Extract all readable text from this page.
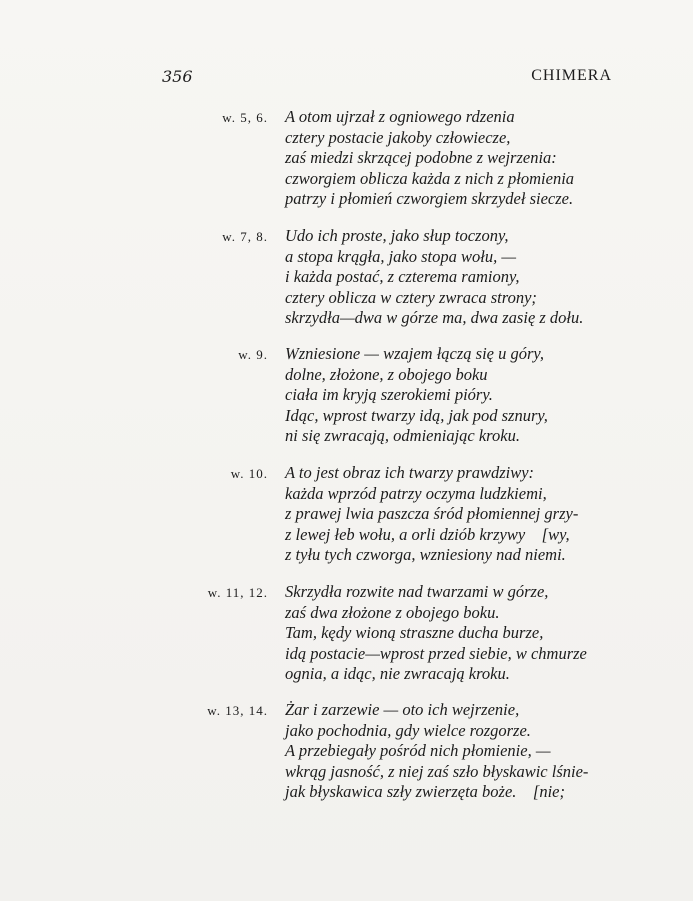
356	CHIMERA
w. 5, 6. A otom ujrzał z ogniowego rdzenia
cztery postacie jakoby człowiecze,
zaś miedzi skrzącej podobne z wejrzenia:
czworgiem oblicza każda z nich z płomienia
patrzy i płomień czworgiem skrzydeł siecze.
w. 7, 8. Udo ich proste, jako słup toczony,
a stopa krągła, jako stopa wołu, —
i każda postać, z czterema ramiony,
cztery oblicza w cztery zwraca strony;
skrzydła—dwa w górze ma, dwa zasię z dołu.
w. 9. Wzniesione — wzajem łączą się u góry,
dolne, złożone, z obojego boku
ciała im kryją szerokiemi pióry.
Idąc, wprost twarzy idą, jak pod sznury,
ni się zwracają, odmieniając kroku.
w. 10. A to jest obraz ich twarzy prawdziwy:
każda wprzód patrzy oczyma ludzkiemi,
z prawej lwia paszcza śród płomiennej grzy-
z lewej łeb wołu, a orli dziób krzywy    [wy,
z tyłu tych czworga, wzniesiony nad niemi.
w. 11, 12. Skrzydła rozwite nad twarzami w górze,
zaś dwa złożone z obojego boku.
Tam, kędy wioną straszne ducha burze,
idą postacie—wprost przed siebie, w chmurze
ognia, a idąc, nie zwracają kroku.
w. 13, 14. Żar i zarzewie — oto ich wejrzenie,
jako pochodnia, gdy wielce rozgorze.
A przebiegały pośród nich płomienie, —
wkrąg jasność, z niej zaś szło błyskawic lśnie-
jak błyskawica szły zwierzęta boże.    [nie;
